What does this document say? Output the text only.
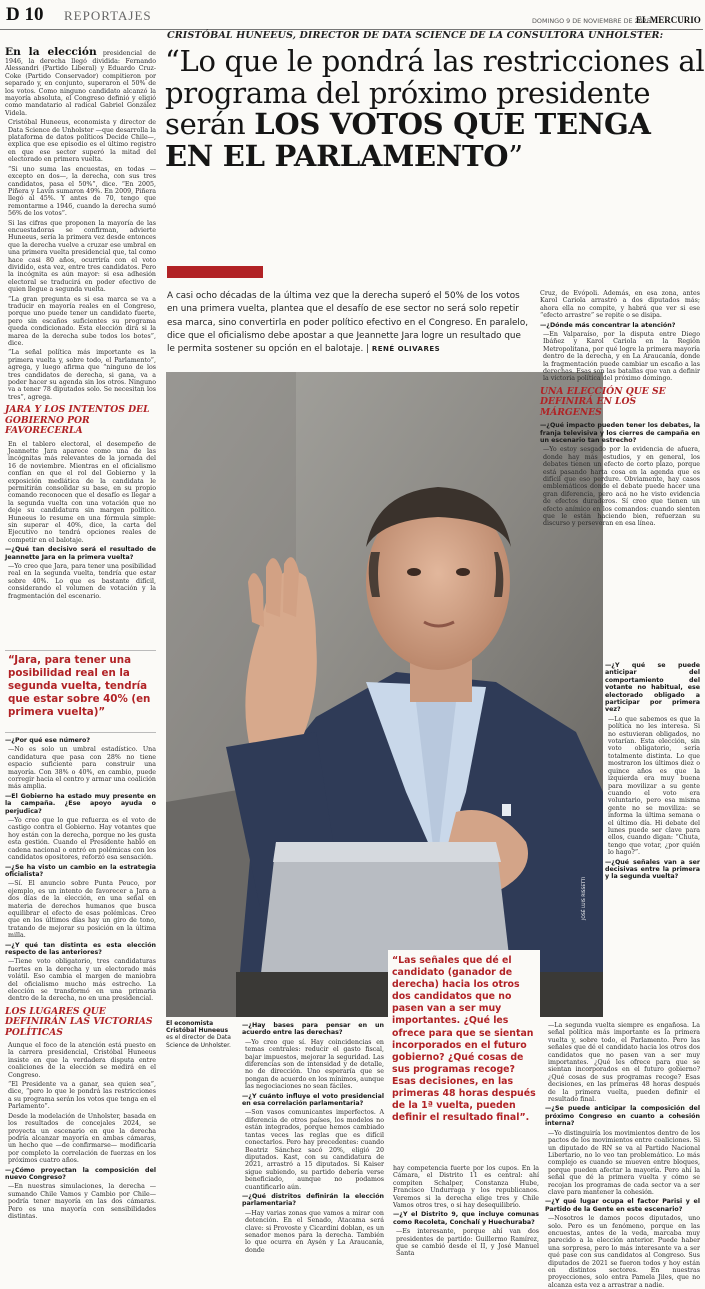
D 10 REPORTAJES	DOMINGO 9 DE NOVIEMBRE DE 2025
EL MERCURIO

En la elección presidencial de 1946, la derecha llegó dividida: Fernando Alessandri (Partido Liberal) y Eduardo Cruz-Coke (Partido Conservador) compitieron por separado y, en conjunto, superaron el 50% de los votos. Como ninguno candidato alcanzó la mayoría absoluta, el Congreso definió y eligió como mandatario al radical Gabriel González Videla.

Cristóbal Huneeus, economista y director de Data Science de Unholster —que desarrolla la plataforma de datos políticos Decide Chile—, explica que ese episodio es el último registro en que ese sector superó la mitad del electorado en primera vuelta.

“Si uno suma las encuestas, en todas —excepto en dos—, la derecha, con sus tres candidatos, pasa el 50%”, dice. “En 2005, Piñera y Lavín sumaron 49%. En 2009, Piñera llegó al 45%. Y antes de 70, tengo que remontarme a 1946, cuando la derecha sumó 56% de los votos”.

Si las cifras que proponen la mayoría de las encuestadoras se confirman, advierte Huneeus, sería la primera vez desde entonces que la derecha vuelve a cruzar ese umbral en una primera vuelta presidencial que, tal como hace casi 80 años, ocurriría con el voto dividido, esta vez, entre tres candidatos. Pero la incógnita es aún mayor: si esa adhesión electoral se traducirá en poder efectivo de quien llegue a segunda vuelta.

“La gran pregunta es si esa marca se va a traducir en mayoría reales en el Congreso, porque uno puede tener un candidato fuerte, pero sin escaños suficientes su programa queda condicionado. Esta elección dirá si la marea de la derecha sube todos los botes”, dice.

“La señal política más importante es la primera vuelta y, sobre todo, el Parlamento”, agrega, y luego afirma que “ninguno de los tres candidatos de derecha, si gana, va a poder hacer su agenda sin los otros. Ninguno va a tener 78 diputados solo. Se necesitan los tres”, agrega.

JARA Y LOS INTENTOS DEL GOBIERNO POR FAVORECERLA

En el tablero electoral, el desempeño de Jeannette Jara aparece como una de las incógnitas más relevantes de la jornada del 16 de noviembre. Mientras en el oficialismo confían en que el rol del Gobierno y la exposición mediática de la candidata le permitirán consolidar su base, en su propio comando reconocen que el desafío es llegar a la segunda vuelta con una votación que no deje su candidatura sin margen político. Huneeus lo resume en una fórmula simple: sin superar el 40%, dice, la carta del Ejecutivo no tendrá opciones reales de competir en el balotaje.

—¿Qué tan decisivo será el resultado de Jeannette Jara en la primera vuelta?

—Yo creo que Jara, para tener una posibilidad real en la segunda vuelta, tendría que estar sobre 40%. Lo que es bastante difícil, considerando el volumen de votación y la fragmentación del escenario.

“Jara, para tener una posibilidad real en la segunda vuelta, tendría que estar sobre 40% (en primera vuelta)”

—¿Por qué ese número?

—No es solo un umbral estadístico. Una candidatura que pasa con 28% no tiene espacio suficiente para construir una mayoría. Con 38% o 40%, en cambio, puede corregir hacia el centro y armar una coalición más amplia.

—El Gobierno ha estado muy presente en la campaña. ¿Ese apoyo ayuda o perjudica?

—Yo creo que lo que refuerza es el voto de castigo contra el Gobierno. Hay votantes que hoy están con la derecha, porque no les gusta esta gestión. Cuando el Presidente habló en cadena nacional o entró en polémicas con los candidatos opositores, reforzó esa sensación.

—¿Se ha visto un cambio en la estrategia oficialista?

—Sí. El anuncio sobre Punta Peuco, por ejemplo, es un intento de favorecer a Jara a dos días de la elección, en una señal en materia de derechos humanos que busca equilibrar el efecto de esas polémicas. Creo que en los últimos días hay un giro de tono, tratando de mejorar su posición en la última milla.

—¿Y qué tan distinta es esta elección respecto de las anteriores?

—Tiene voto obligatorio, tres candidaturas fuertes en la derecha y un electorado más volátil. Eso cambia el margen de maniobra del oficialismo mucho más estrecho. La elección se transformó en una primaria dentro de la derecha, no en una presidencial.

LOS LUGARES QUE DEFINIRÁN LAS VICTORIAS POLÍTICAS

Aunque el foco de la atención está puesto en la carrera presidencial, Cristóbal Huneeus insiste en que la verdadera disputa entre coaliciones de la elección se medirá en el Congreso.

“El Presidente va a ganar, sea quien sea”, dice, “pero lo que le pondrá las restricciones a su programa serán los votos que tenga en el Parlamento”.

Desde la modelación de Unholster, basada en los resultados de concejales 2024, se proyecta un escenario en que la derecha podría alcanzar mayoría en ambas cámaras, un hecho que —de confirmarse— modificaría por completo la correlación de fuerzas en los próximos cuatro años.

—¿Cómo proyectan la composición del nuevo Congreso?

—En nuestras simulaciones, la derecha —sumando Chile Vamos y Cambio por Chile— podría tener mayoría en las dos cámaras. Pero es una mayoría con sensibilidades distintas.

CRISTÓBAL HUNEEUS, DIRECTOR DE DATA SCIENCE DE LA CONSULTORA UNHOLSTER:
“Lo que le pondrá las restricciones al programa del próximo presidente serán LOS VOTOS QUE TENGA EN EL PARLAMENTO”
A casi ocho décadas de la última vez que la derecha superó el 50% de los votos en una primera vuelta, plantea que el desafío de ese sector no será solo repetir esa marca, sino convertirla en poder político efectivo en el Congreso. En paralelo, dice que el oficialismo debe apostar a que Jeannette Jara logre un resultado que le permita sostener su opción en el balotaje. | RENÉ OLIVARES
JOSÉ LUIS RISSETTI
El economista Cristóbal Huneeus
es el director de Data Science de Unholster.
“Las señales que dé el candidato (ganador de derecha) hacia los otros dos candidatos que no pasen van a ser muy importantes. ¿Qué les ofrece para que se sientan incorporados en el futuro gobierno? ¿Qué cosas de sus programas recoge? Esas decisiones, en las primeras 48 horas después de la 1ª vuelta, pueden definir el resultado final”.

—¿Hay bases para pensar en un acuerdo entre las derechas?

—Yo creo que sí. Hay coincidencias en temas centrales: reducir el gasto fiscal, bajar impuestos, mejorar la seguridad. Las diferencias son de intensidad y de detalle, no de dirección. Uno esperaría que se pongan de acuerdo en los mínimos, aunque las negociaciones no sean fáciles.

—¿Y cuánto influye el voto presidencial en esa correlación parlamentaria?

—Son vasos comunicantes imperfectos. A diferencia de otros países, los modelos no están integrados, porque hemos cambiado tantas veces las reglas que es difícil conectarlos. Pero hay precedentes: cuando Beatriz Sánchez sacó 20%, eligió 20 diputados. Kast, con su candidatura de 2021, arrastró a 15 diputados. Si Kaiser sigue subiendo, su partido debería verse beneficiado, aunque no podamos cuantificarlo aún.

—¿Qué distritos definirán la elección parlamentaria?

—Hay varias zonas que vamos a mirar con detención. En el Senado, Atacama será clave: si Provoste y Cicardini doblan, es un senador menos para la derecha. También lo que ocurra en Aysén y La Araucanía, donde

hay competencia fuerte por los cupos. En la Cámara, el Distrito 11 es central: ahí compiten Schalper, Constanza Hube, Francisco Undurraga y los republicanos. Veremos si la derecha elige tres y Chile Vamos otros tres, o si hay desequilibrio.

—¿Y el Distrito 9, que incluye comunas como Recoleta, Conchalí y Huechuraba?

—Es interesante, porque ahí van dos presidentes de partido: Guillermo Ramírez, que se cambió desde el II, y José Manuel Santa

Cruz, de Evópoli. Además, en esa zona, antes Karol Cariola arrastró a dos diputados más; ahora ella no compite, y habrá que ver si ese “efecto arrastre” se repite o se disipa.

—¿Dónde más concentrar la atención?

—En Valparaíso, por la disputa entre Diego Ibáñez y Karol Cariola en la Región Metropolitana, por qué logre la primera mayoría dentro de la derecha, y en La Araucanía, donde la fragmentación puede cambiar un escaño a las derechas. Esas son las batallas que van a definir la victoria política del próximo domingo.

UNA ELECCIÓN QUE SE DEFINIRÁ EN LOS MÁRGENES

—¿Qué impacto pueden tener los debates, la franja televisiva y los cierres de campaña en un escenario tan estrecho?

—Yo estoy sesgado por la evidencia de afuera, donde hay más estudios, y en general, los debates tienen un efecto de corto plazo, porque está pasando harta cosa en la agenda que es difícil que eso perdure. Obviamente, hay casos emblemáticos donde el debate puede hacer una gran diferencia, pero acá no he visto evidencia de efectos duraderos. Sí creo que tienen un efecto anímico en los comandos: cuando sienten que le están haciendo bien, refuerzan su discurso y perseveran en esa línea.

—¿Y qué se puede anticipar del comportamiento del votante no habitual, ese electorado obligado a participar por primera vez?

—Lo que sabemos es que la política no les interesa. Si no estuvieran obligados, no votarían. Esta elección, sin voto obligatorio, sería totalmente distinta. Lo que mostraron los últimos diez o quince años es que la izquierda era muy buena para movilizar a su gente cuando el voto era voluntario, pero esa misma gente no se moviliza: se informa la última semana o el último día. Hi debate del lunes puede ser clave para ellos, cuando digan: “Chuta, tengo que votar, ¿por quién lo hago?”.

—¿Qué señales van a ser decisivas entre la primera y la segunda vuelta?

—La segunda vuelta siempre es engañosa. La señal política más importante es la primera vuelta y, sobre todo, el Parlamento. Pero las señales que dé el candidato hacia los otros dos candidatos que no pasen van a ser muy importantes. ¿Qué les ofrece para que se sientan incorporados en el futuro gobierno? ¿Qué cosas de sus programas recoge? Esas decisiones, en las primeras 48 horas después de la primera vuelta, pueden definir el resultado final.

—¿Se puede anticipar la composición del próximo Congreso en cuanto a cohesión interna?

—Yo distinguiría los movimientos dentro de los pactos de los movimientos entre coaliciones. Si un diputado de RN se va al Partido Nacional Libertario, no lo veo tan problemático. Lo más complejo es cuando se mueven entre bloques, porque pueden afectar la mayoría. Pero ahí la señal que dé la primera vuelta y cómo se recojan los programas de cada sector va a ser clave para mantener la cohesión.

—¿Y qué lugar ocupa el factor Parisi y el Partido de la Gente en este escenario?

—Nosotros le damos pocos diputados, uno solo. Pero es un fenómeno, porque en las encuestas, antes de la veda, marcaba muy parecido a la elección anterior. Puede haber una sorpresa, pero lo más interesante va a ser qué pase con sus candidatos al Congreso. Sus diputados de 2021 se fueron todos y hoy están en distintos sectores. En nuestras proyecciones, solo entra Pamela Jiles, que no alcanza esta vez a arrastrar a nadie.
